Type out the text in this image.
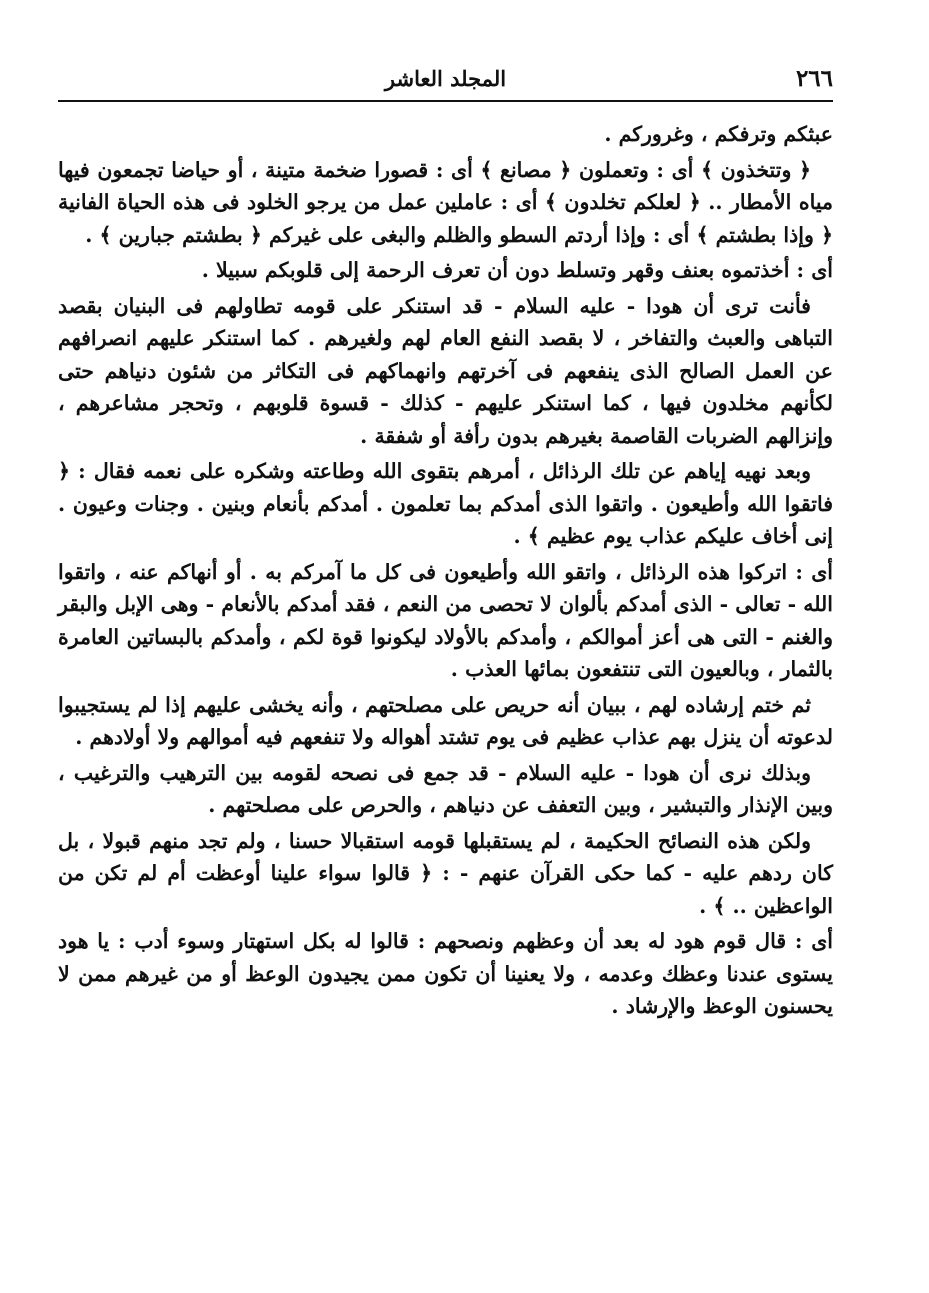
٢٦٦
المجلد العاشر

عبثكم وترفكم ، وغروركم .

﴿ وتتخذون ﴾ أى : وتعملون ﴿ مصانع ﴾ أى : قصورا ضخمة متينة ، أو حياضا تجمعون فيها مياه الأمطار .. ﴿ لعلكم تخلدون ﴾ أى : عاملين عمل من يرجو الخلود فى هذه الحياة الفانية ﴿ وإذا بطشتم ﴾ أى : وإذا أردتم السطو والظلم والبغى على غيركم ﴿ بطشتم جبارين ﴾ .

أى : أخذتموه بعنف وقهر وتسلط دون أن تعرف الرحمة إلى قلوبكم سبيلا .

فأنت ترى أن هودا - عليه السلام - قد استنكر على قومه تطاولهم فى البنيان بقصد التباهى والعبث والتفاخر ، لا بقصد النفع العام لهم ولغيرهم . كما استنكر عليهم انصرافهم عن العمل الصالح الذى ينفعهم فى آخرتهم وانهماكهم فى التكاثر من شئون دنياهم حتى لكأنهم مخلدون فيها ، كما استنكر عليهم - كذلك - قسوة قلوبهم ، وتحجر مشاعرهم ، وإنزالهم الضربات القاصمة بغيرهم بدون رأفة أو شفقة .

وبعد نهيه إياهم عن تلك الرذائل ، أمرهم بتقوى الله وطاعته وشكره على نعمه فقال : ﴿ فاتقوا الله وأطيعون . واتقوا الذى أمدكم بما تعلمون . أمدكم بأنعام وبنين . وجنات وعيون . إنى أخاف عليكم عذاب يوم عظيم ﴾ .

أى : اتركوا هذه الرذائل ، واتقو الله وأطيعون فى كل ما آمركم به . أو أنهاكم عنه ، واتقوا الله - تعالى - الذى أمدكم بألوان لا تحصى من النعم ، فقد أمدكم بالأنعام - وهى الإبل والبقر والغنم - التى هى أعز أموالكم ، وأمدكم بالأولاد ليكونوا قوة لكم ، وأمدكم بالبساتين العامرة بالثمار ، وبالعيون التى تنتفعون بمائها العذب .

ثم ختم إرشاده لهم ، ببيان أنه حريص على مصلحتهم ، وأنه يخشى عليهم إذا لم يستجيبوا لدعوته أن ينزل بهم عذاب عظيم فى يوم تشتد أهواله ولا تنفعهم فيه أموالهم ولا أولادهم .

وبذلك نرى أن هودا - عليه السلام - قد جمع فى نصحه لقومه بين الترهيب والترغيب ، وبين الإنذار والتبشير ، وبين التعفف عن دنياهم ، والحرص على مصلحتهم .

ولكن هذه النصائح الحكيمة ، لم يستقبلها قومه استقبالا حسنا ، ولم تجد منهم قبولا ، بل كان ردهم عليه - كما حكى القرآن عنهم - : ﴿ قالوا سواء علينا أوعظت أم لم تكن من الواعظين .. ﴾ .

أى : قال قوم هود له بعد أن وعظهم ونصحهم : قالوا له بكل استهتار وسوء أدب : يا هود يستوى عندنا وعظك وعدمه ، ولا يعنينا أن تكون ممن يجيدون الوعظ أو من غيرهم ممن لا يحسنون الوعظ والإرشاد .
